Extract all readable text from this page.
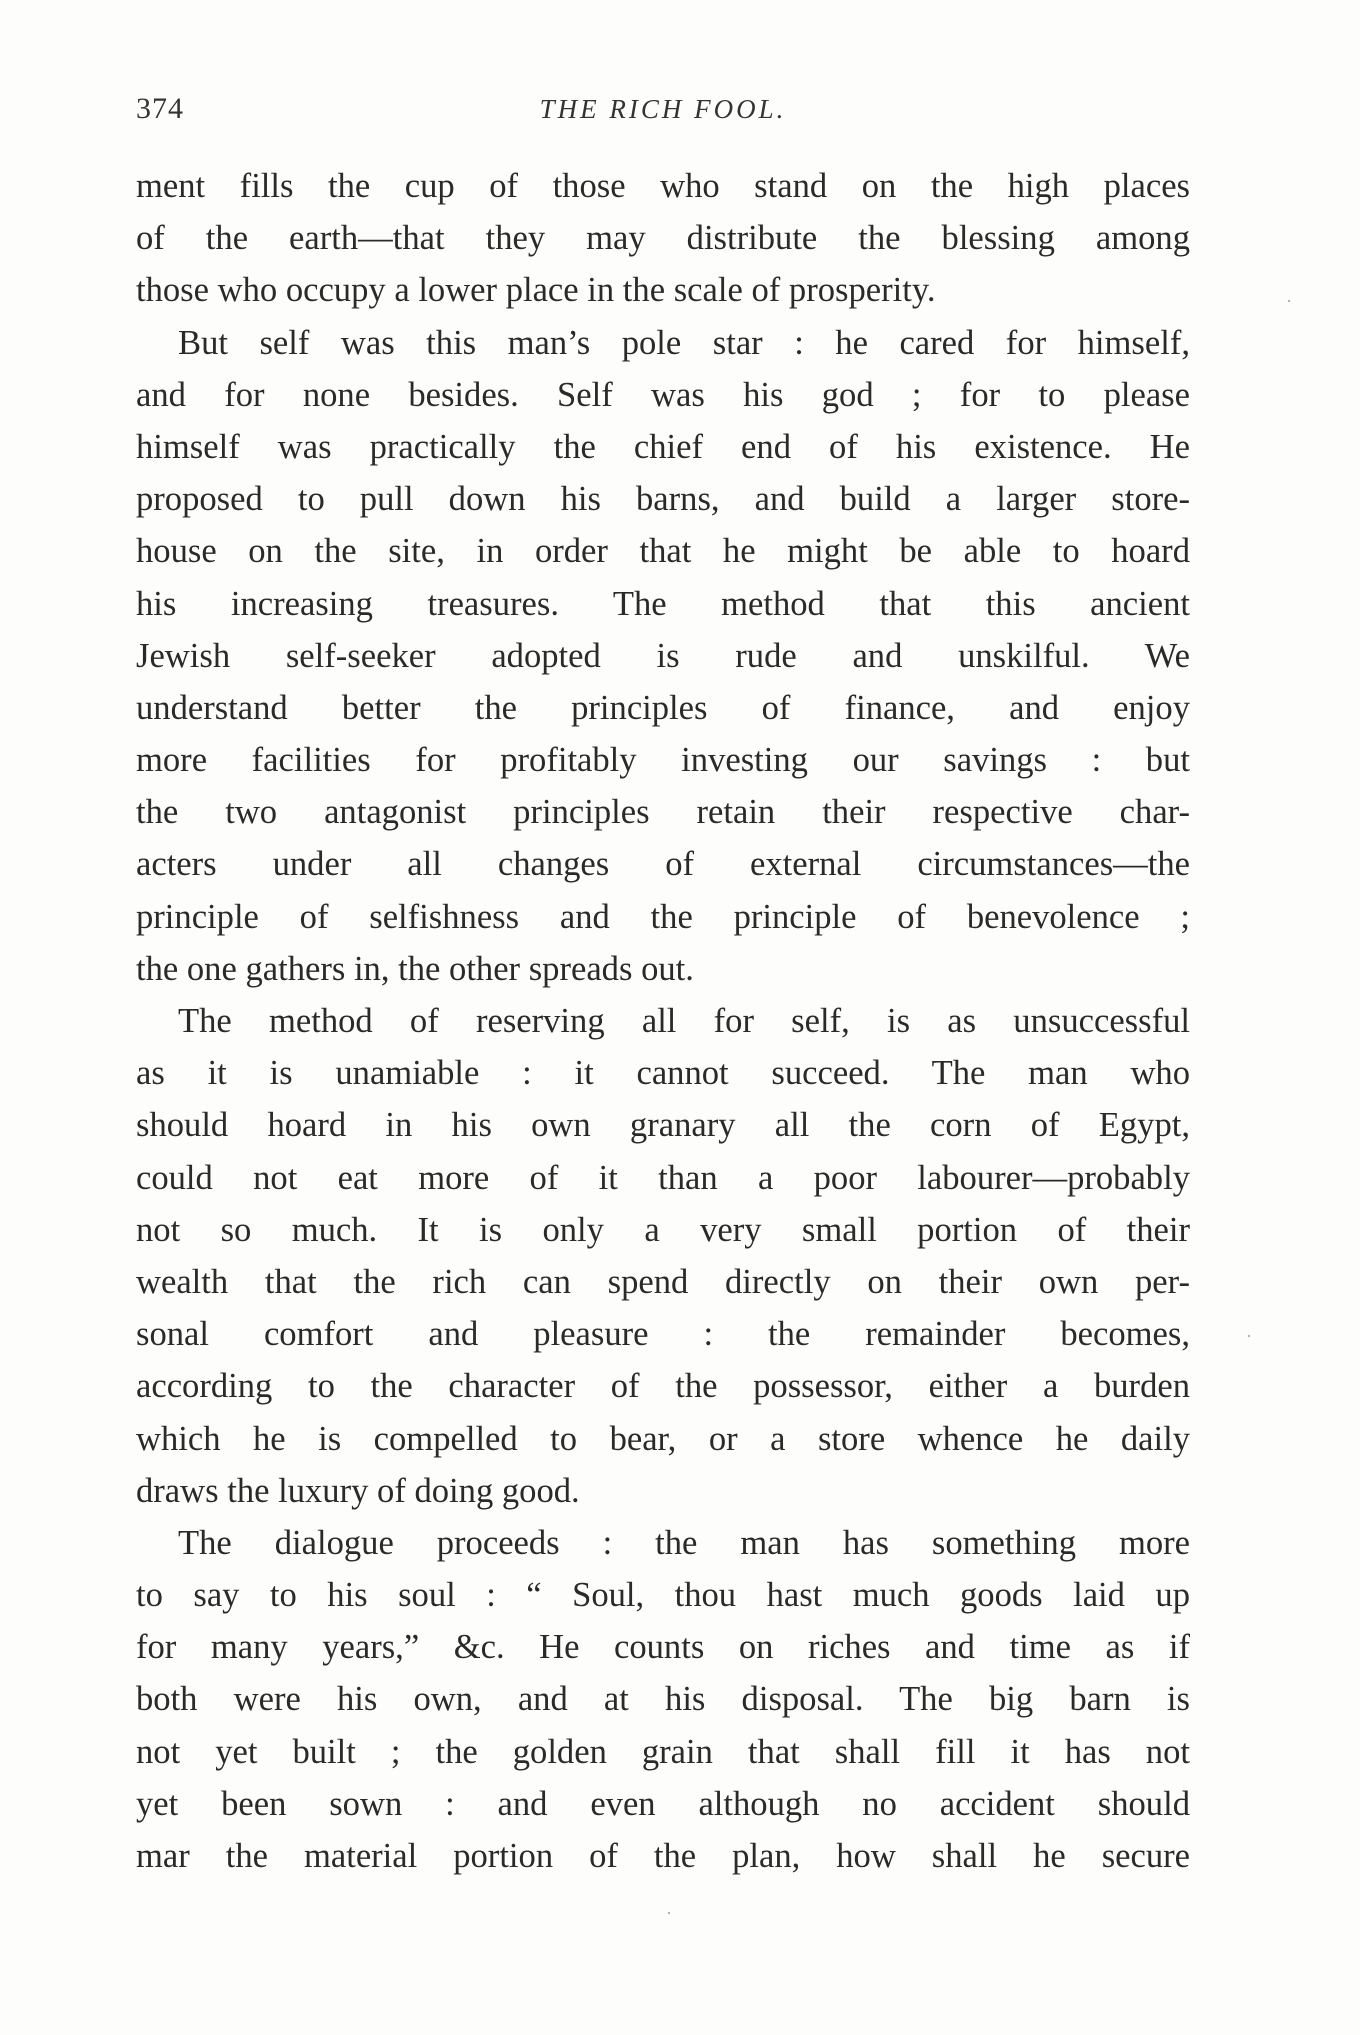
374	THE RICH FOOL.
ment fills the cup of those who stand on the high places
of the earth—that they may distribute the blessing among
those who occupy a lower place in the scale of prosperity.
But self was this man’s pole star : he cared for himself,
and for none besides. Self was his god ; for to please
himself was practically the chief end of his existence. He
proposed to pull down his barns, and build a larger store-
house on the site, in order that he might be able to hoard
his increasing treasures. The method that this ancient
Jewish self-seeker adopted is rude and unskilful. We
understand better the principles of finance, and enjoy
more facilities for profitably investing our savings : but
the two antagonist principles retain their respective char-
acters under all changes of external circumstances—the
principle of selfishness and the principle of benevolence ;
the one gathers in, the other spreads out.
The method of reserving all for self, is as unsuccessful
as it is unamiable : it cannot succeed. The man who
should hoard in his own granary all the corn of Egypt,
could not eat more of it than a poor labourer—probably
not so much. It is only a very small portion of their
wealth that the rich can spend directly on their own per-
sonal comfort and pleasure : the remainder becomes,
according to the character of the possessor, either a burden
which he is compelled to bear, or a store whence he daily
draws the luxury of doing good.
The dialogue proceeds : the man has something more
to say to his soul : “ Soul, thou hast much goods laid up
for many years,” &c. He counts on riches and time as if
both were his own, and at his disposal. The big barn is
not yet built ; the golden grain that shall fill it has not
yet been sown : and even although no accident should
mar the material portion of the plan, how shall he secure
